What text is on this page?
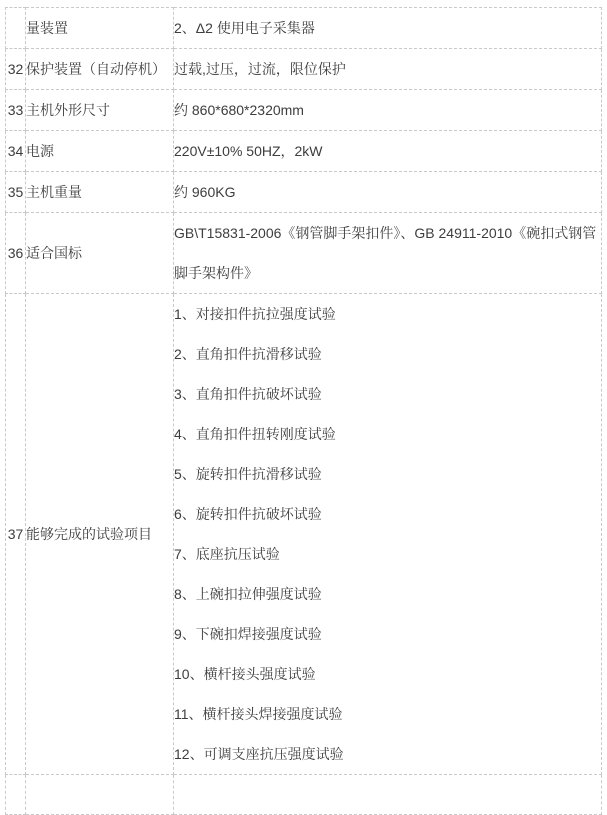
	量装置	2、Δ2 使用电子采集器

32	保护装置（自动停机）	过载,过压，过流，限位保护

33	主机外形尺寸	约 860*680*2320mm

34	电源	220V±10% 50HZ，2kW

35	主机重量	约 960KG

36	适合国标	GB\T15831-2006《钢管脚手架扣件》、GB 24911-2010《碗扣式钢管脚手架构件》

37	能够完成的试验项目	
1、对接扣件抗拉强度试验
2、直角扣件抗滑移试验
3、直角扣件抗破坏试验
4、直角扣件扭转刚度试验
5、旋转扣件抗滑移试验
6、旋转扣件抗破坏试验
7、底座抗压试验
8、上碗扣拉伸强度试验
9、下碗扣焊接强度试验
10、横杆接头强度试验
11、横杆接头焊接强度试验
12、可调支座抗压强度试验
